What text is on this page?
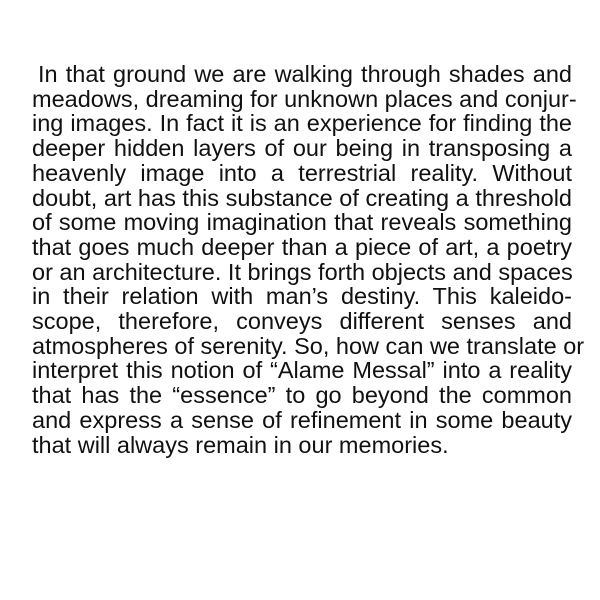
In that ground we are walking through shades and
meadows, dreaming for unknown places and conjur-
ing images. In fact it is an experience for finding the
deeper hidden layers of our being in transposing a
heavenly image into a terrestrial reality. Without
doubt, art has this substance of creating a threshold
of some moving imagination that reveals something
that goes much deeper than a piece of art, a poetry
or an architecture. It brings forth objects and spaces
in their relation with man’s destiny. This kaleido-
scope, therefore, conveys different senses and
atmospheres of serenity. So, how can we translate or
interpret this notion of “Alame Messal” into a reality
that has the “essence” to go beyond the common
and express a sense of refinement in some beauty
that will always remain in our memories.
